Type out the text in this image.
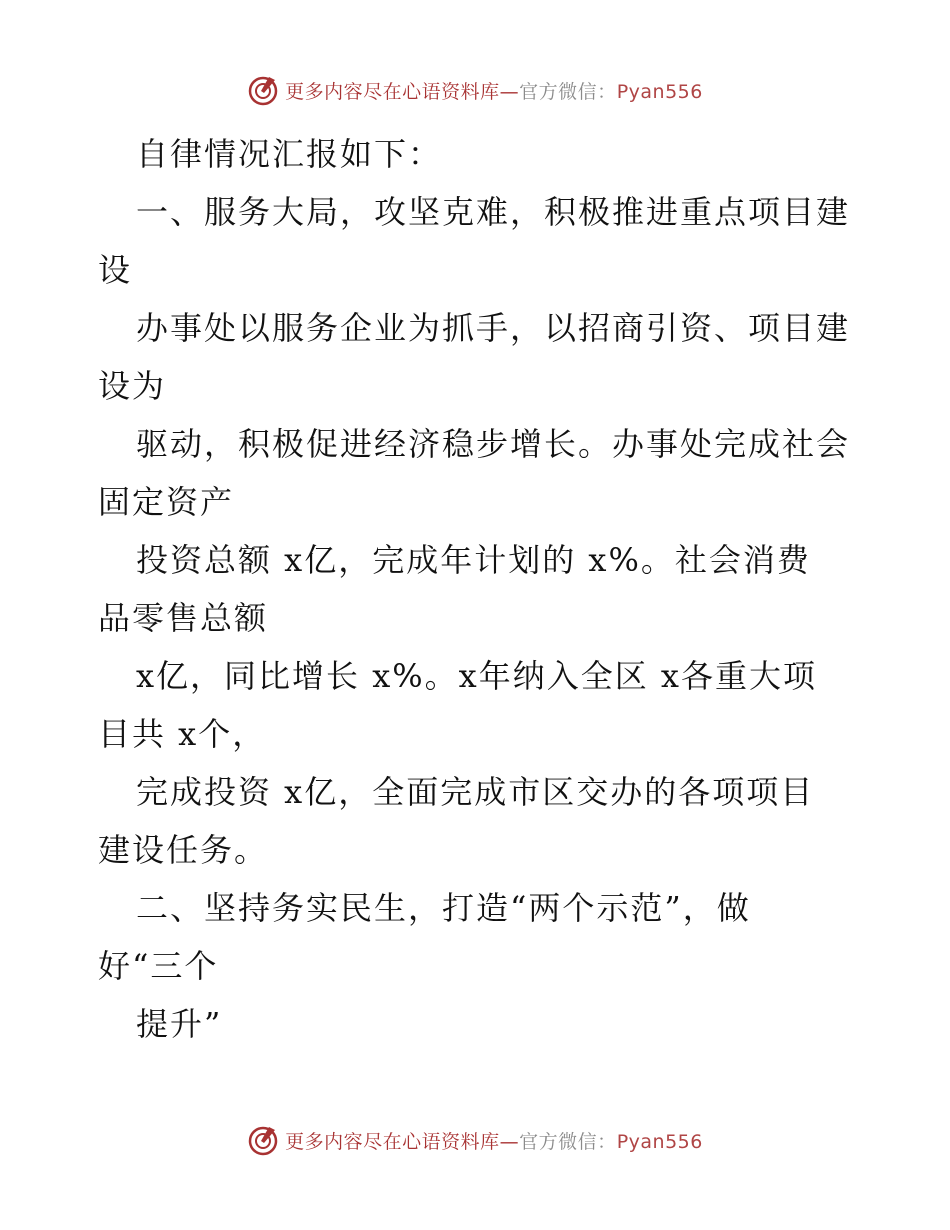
更多内容尽在心语资料库—官方微信：Pyan556
自律情况汇报如下：
一、服务大局，攻坚克难，积极推进重点项目建
设
办事处以服务企业为抓手，以招商引资、项目建
设为
驱动，积极促进经济稳步增长。办事处完成社会
固定资产
投资总额 x亿，完成年计划的 x%。社会消费
品零售总额
x亿，同比增长 x%。x年纳入全区 x各重大项
目共 x个，
完成投资 x亿，全面完成市区交办的各项项目
建设任务。
二、坚持务实民生，打造“两个示范”，做
好“三个
提升”
更多内容尽在心语资料库—官方微信：Pyan556
